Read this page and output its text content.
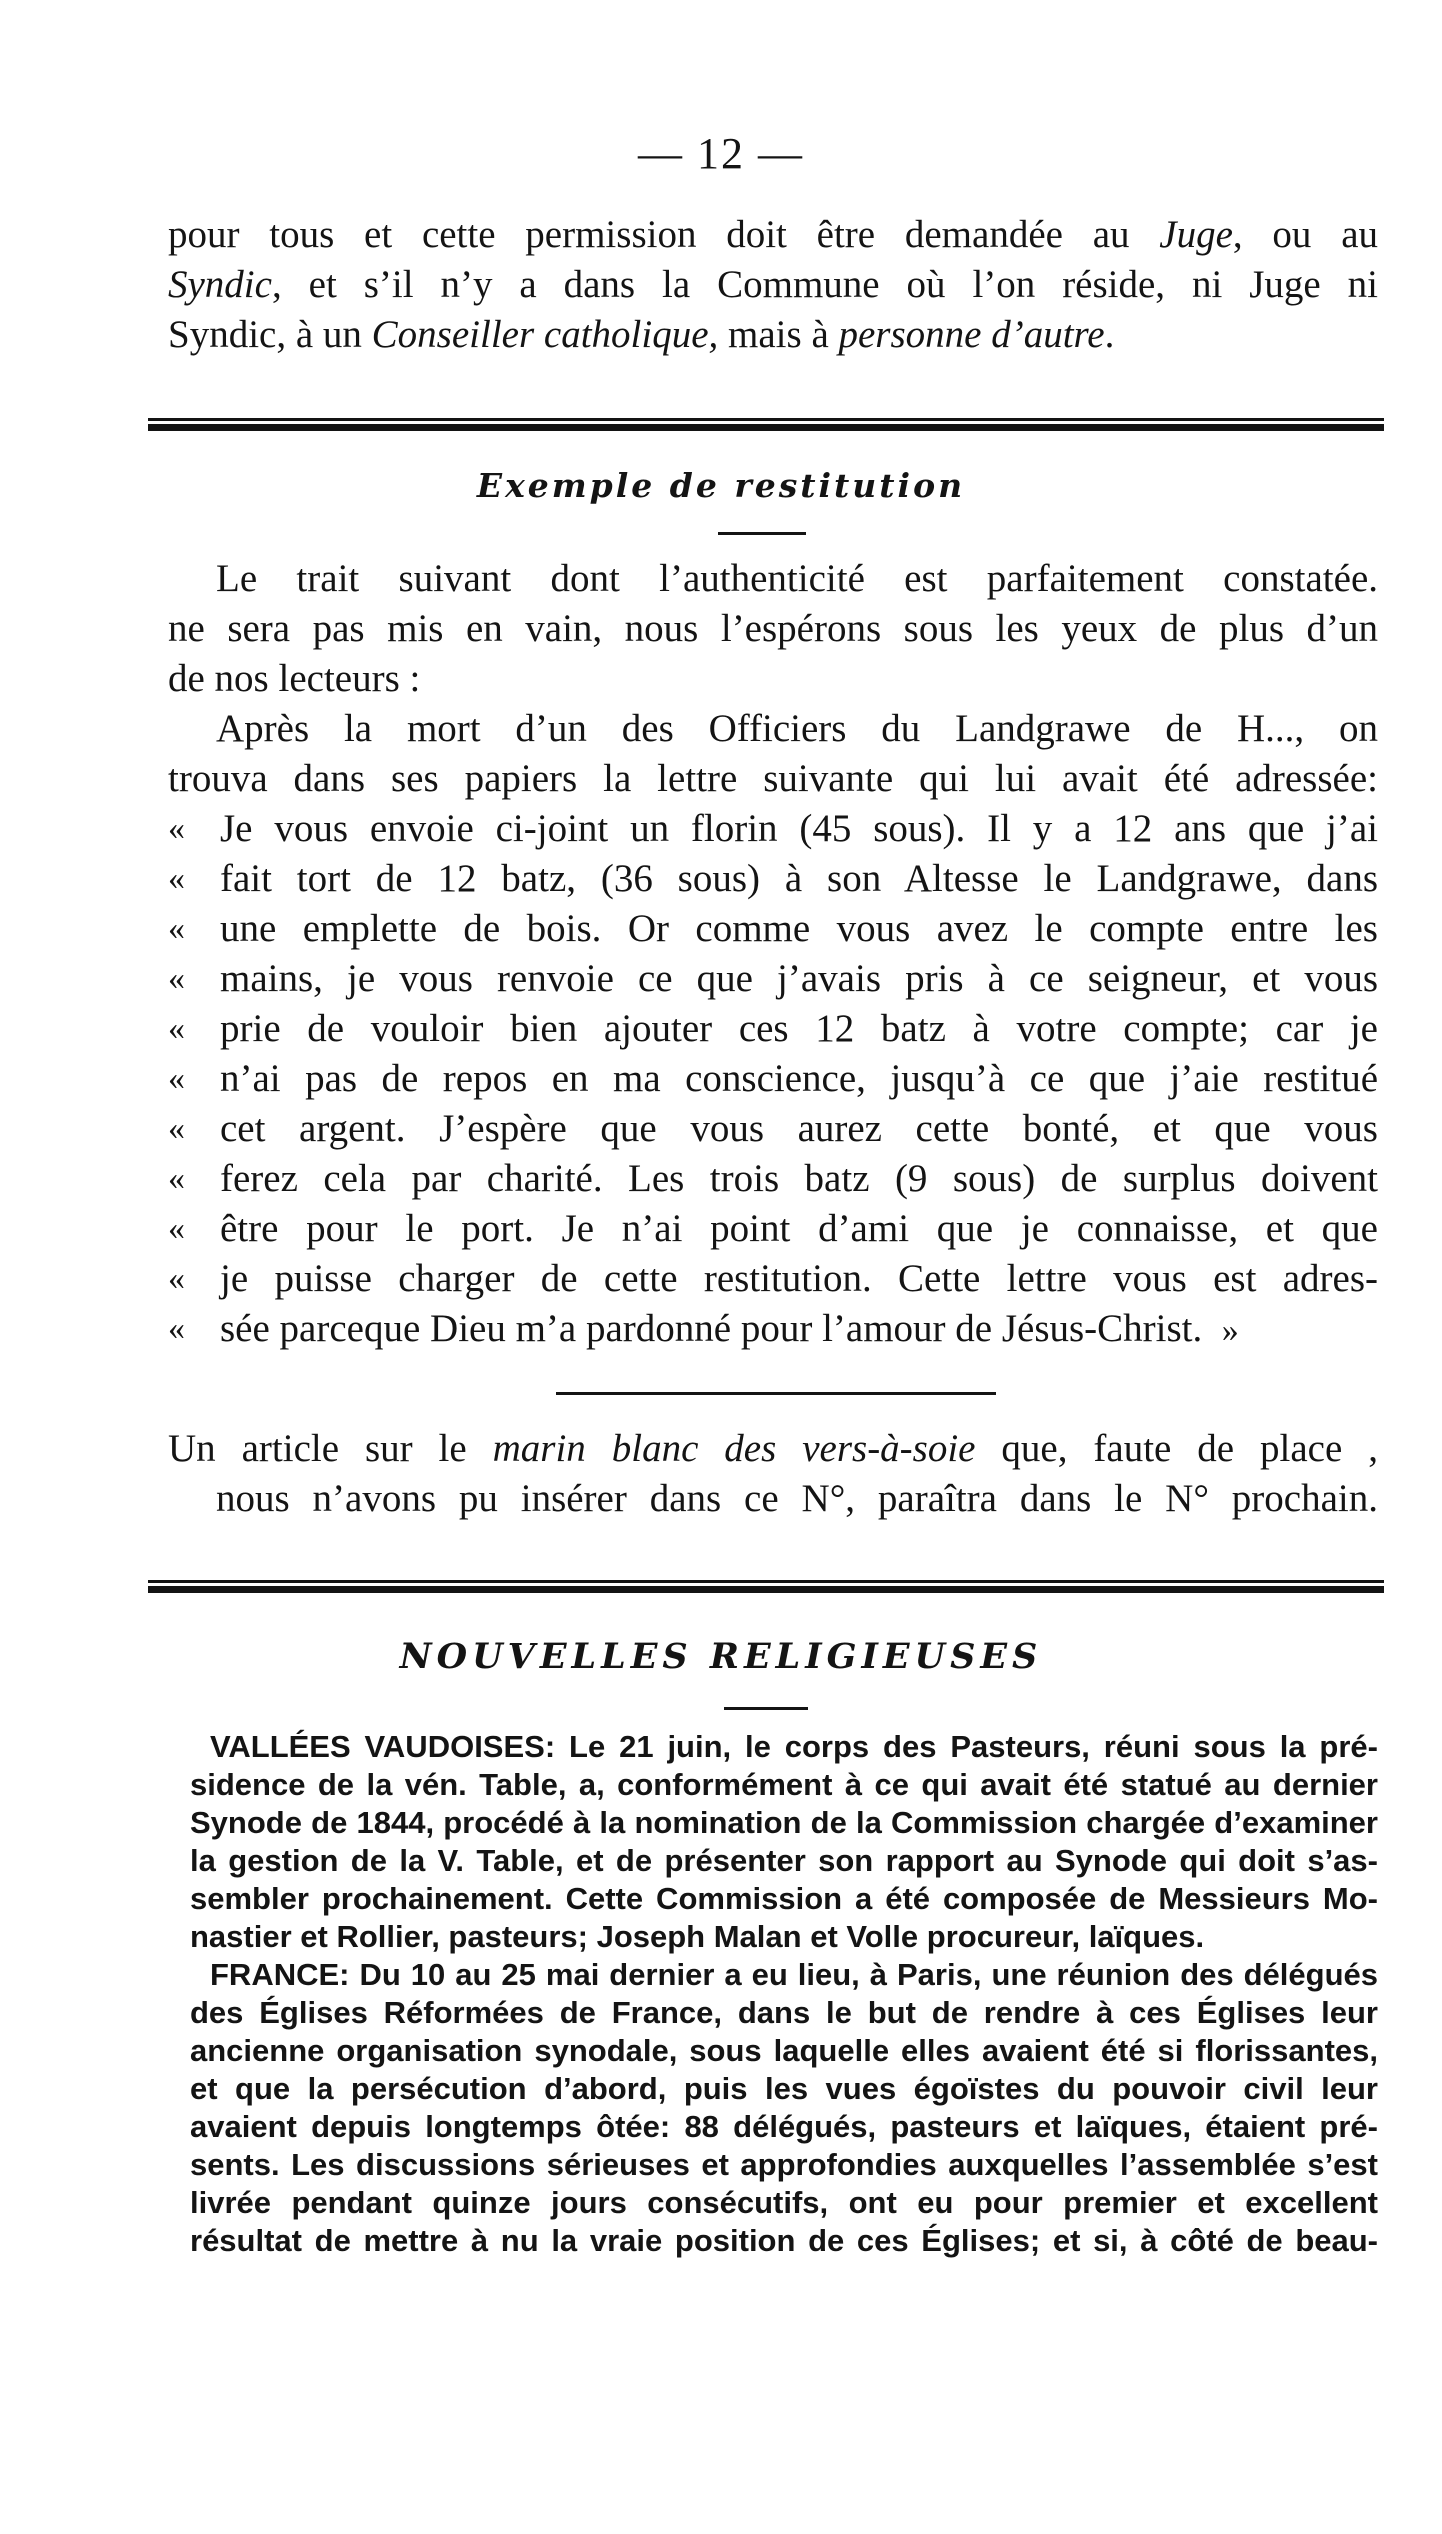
— 12 —
pour tous et cette permission doit être demandée au Juge, ou au
Syndic, et s’il n’y a dans la Commune où l’on réside, ni Juge ni
Syndic, à un Conseiller catholique, mais à personne d’autre.
Exemple de restitution
Le trait suivant dont l’authenticité est parfaitement constatée.
ne sera pas mis en vain, nous l’espérons sous les yeux de plus d’un
de nos lecteurs :
Après la mort d’un des Officiers du Landgrawe de H..., on
trouva dans ses papiers la lettre suivante qui lui avait été adressée:
« Je vous envoie ci-joint un florin (45 sous). Il y a 12 ans que j’ai
« fait tort de 12 batz, (36 sous) à son Altesse le Landgrawe, dans
« une emplette de bois. Or comme vous avez le compte entre les
« mains, je vous renvoie ce que j’avais pris à ce seigneur, et vous
« prie de vouloir bien ajouter ces 12 batz à votre compte; car je
« n’ai pas de repos en ma conscience, jusqu’à ce que j’aie restitué
« cet argent. J’espère que vous aurez cette bonté, et que vous
« ferez cela par charité. Les trois batz (9 sous) de surplus doivent
« être pour le port. Je n’ai point d’ami que je connaisse, et que
« je puisse charger de cette restitution. Cette lettre vous est adres-
« sée parceque Dieu m’a pardonné pour l’amour de Jésus-Christ. »
Un article sur le marin blanc des vers-à-soie que, faute de place ,
nous n’avons pu insérer dans ce N°, paraîtra dans le N° prochain.
NOUVELLES RELIGIEUSES
VALLÉES VAUDOISES: Le 21 juin, le corps des Pasteurs, réuni sous la pré-
sidence de la vén. Table, a, conformément à ce qui avait été statué au dernier
Synode de 1844, procédé à la nomination de la Commission chargée d’examiner
la gestion de la V. Table, et de présenter son rapport au Synode qui doit s’as-
sembler prochainement. Cette Commission a été composée de Messieurs Mo-
nastier et Rollier, pasteurs; Joseph Malan et Volle procureur, laïques.
FRANCE: Du 10 au 25 mai dernier a eu lieu, à Paris, une réunion des délégués
des Églises Réformées de France, dans le but de rendre à ces Églises leur
ancienne organisation synodale, sous laquelle elles avaient été si florissantes,
et que la persécution d’abord, puis les vues égoïstes du pouvoir civil leur
avaient depuis longtemps ôtée: 88 délégués, pasteurs et laïques, étaient pré-
sents. Les discussions sérieuses et approfondies auxquelles l’assemblée s’est
livrée pendant quinze jours consécutifs, ont eu pour premier et excellent
résultat de mettre à nu la vraie position de ces Églises; et si, à côté de beau-
